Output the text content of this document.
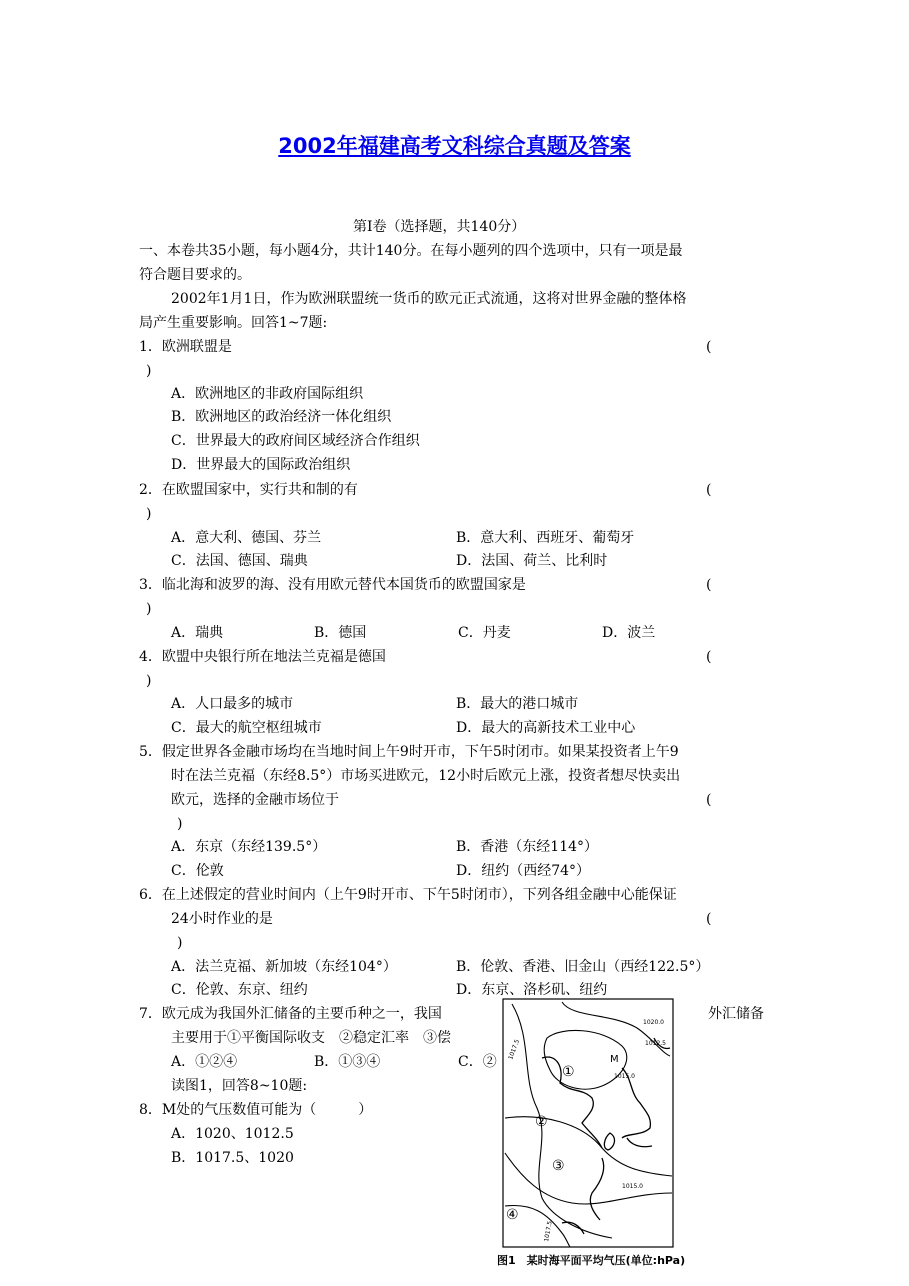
2002年福建高考文科综合真题及答案
第Ⅰ卷（选择题，共140分）
一、本卷共35小题，每小题4分，共计140分。在每小题列的四个选项中，只有一项是最
符合题目要求的。
2002年1月1日，作为欧洲联盟统一货币的欧元正式流通，这将对世界金融的整体格
局产生重要影响。回答1~7题:
1．欧洲联盟是	(
)
A．欧洲地区的非政府国际组织
B．欧洲地区的政治经济一体化组织
C．世界最大的政府间区域经济合作组织
D．世界最大的国际政治组织
2．在欧盟国家中，实行共和制的有	(
)
A．意大利、德国、芬兰	B．意大利、西班牙、葡萄牙
C．法国、德国、瑞典	D．法国、荷兰、比利时
3．临北海和波罗的海、没有用欧元替代本国货币的欧盟国家是	(
)
A．瑞典	B．德国	C．丹麦	D．波兰
4．欧盟中央银行所在地法兰克福是德国	(
)
A．人口最多的城市	B．最大的港口城市
C．最大的航空枢纽城市	D．最大的高新技术工业中心
5．假定世界各金融市场均在当地时间上午9时开市，下午5时闭市。如果某投资者上午9
时在法兰克福（东经8.5°）市场买进欧元，12小时后欧元上涨，投资者想尽快卖出
欧元，选择的金融市场位于	(
)
A．东京（东经139.5°）	B．香港（东经114°）
C．伦敦	D．纽约（西经74°）
6．在上述假定的营业时间内（上午9时开市、下午5时闭市），下列各组金融中心能保证
24小时作业的是	(
)
A．法兰克福、新加坡（东经104°）	B．伦敦、香港、旧金山（西经122.5°）
C．伦敦、东京、纽约	D．东京、洛杉矶、纽约
7．欧元成为我国外汇储备的主要币种之一，我国	外汇储备
主要用于①平衡国际收支　②稳定汇率　③偿
A．①②④	B．①③④	C．②
读图1，回答8~10题:
8．M处的气压数值可能为（　　　）
A．1020、1012.5
B．1017.5、1020
①
②
③
④
M
1017.5
1020.0
1012.5
1015.0
1015.0
1017.5
图1　某时海平面平均气压(单位:hPa)
